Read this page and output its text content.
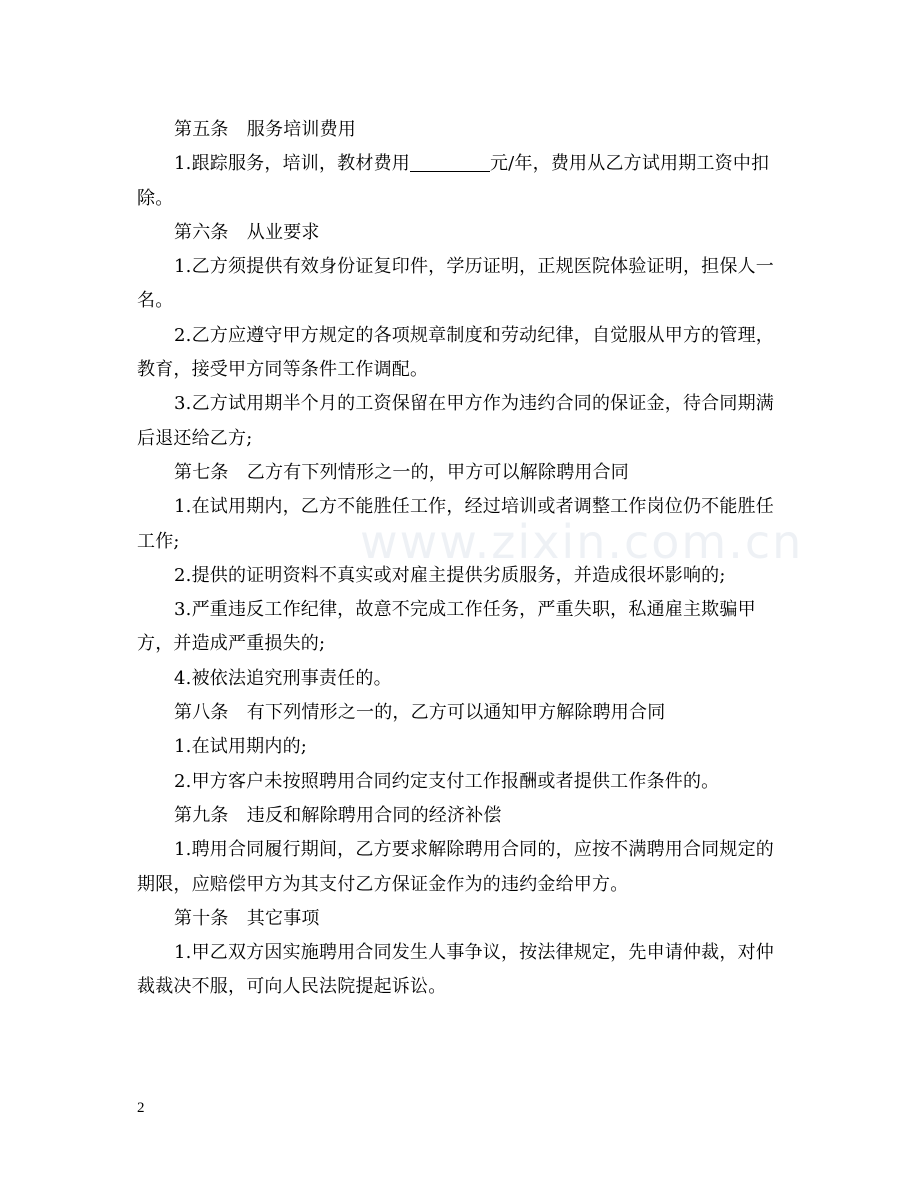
www.zixin.com.cn
第五条　服务培训费用
1.跟踪服务，培训，教材费用	元/年，费用从乙方试用期工资中扣
除。
第六条　从业要求
1.乙方须提供有效身份证复印件，学历证明，正规医院体验证明，担保人一
名。
2.乙方应遵守甲方规定的各项规章制度和劳动纪律，自觉服从甲方的管理，
教育，接受甲方同等条件工作调配。
3.乙方试用期半个月的工资保留在甲方作为违约合同的保证金，待合同期满
后退还给乙方;
第七条　乙方有下列情形之一的，甲方可以解除聘用合同
1.在试用期内，乙方不能胜任工作，经过培训或者调整工作岗位仍不能胜任
工作;
2.提供的证明资料不真实或对雇主提供劣质服务，并造成很坏影响的;
3.严重违反工作纪律，故意不完成工作任务，严重失职，私通雇主欺骗甲
方，并造成严重损失的;
4.被依法追究刑事责任的。
第八条　有下列情形之一的，乙方可以通知甲方解除聘用合同
1.在试用期内的;
2.甲方客户未按照聘用合同约定支付工作报酬或者提供工作条件的。
第九条　违反和解除聘用合同的经济补偿
1.聘用合同履行期间，乙方要求解除聘用合同的，应按不满聘用合同规定的
期限，应赔偿甲方为其支付乙方保证金作为的违约金给甲方。
第十条　其它事项
1.甲乙双方因实施聘用合同发生人事争议，按法律规定，先申请仲裁，对仲
裁裁决不服，可向人民法院提起诉讼。
2
